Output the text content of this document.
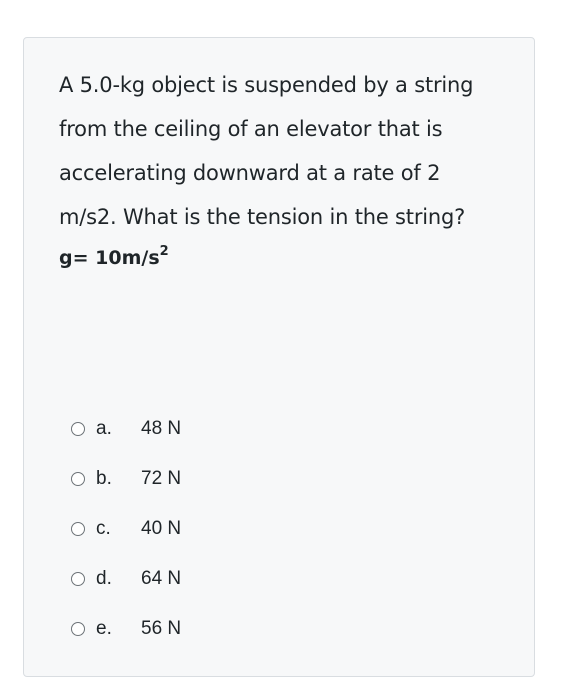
A 5.0-kg object is suspended by a string
from the ceiling of an elevator that is
accelerating downward at a rate of 2
m/s2. What is the tension in the string?

$g= 10m/s^2$

a.	48 N
b.	72 N
c.	40 N
d.	64 N
e.	56 N
